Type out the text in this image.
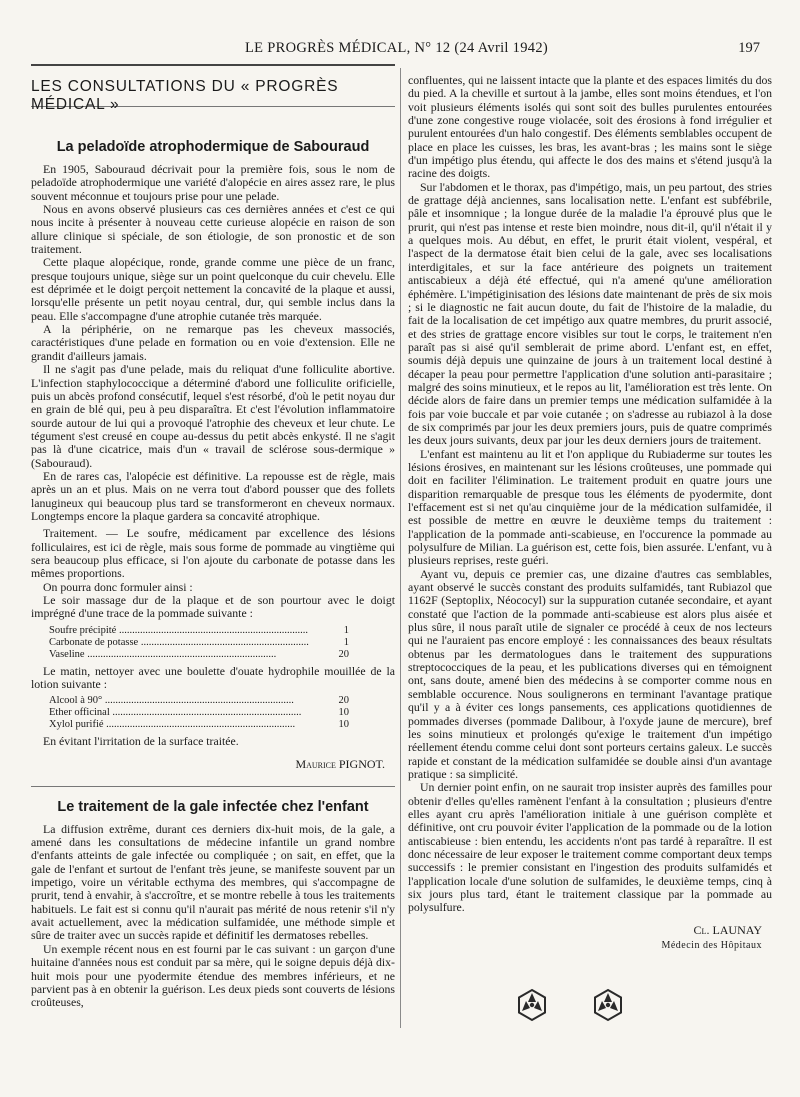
LE PROGRÈS MÉDICAL, N° 12 (24 Avril 1942)	197
LES CONSULTATIONS DU « PROGRÈS MÉDICAL »
La peladoïde atrophodermique de Sabouraud

En 1905, Sabouraud décrivait pour la première fois, sous le nom de peladoïde atrophodermique une variété d'alopécie en aires assez rare, le plus souvent méconnue et toujours prise pour une pelade.

Nous en avons observé plusieurs cas ces dernières années et c'est ce qui nous incite à présenter à nouveau cette curieuse alopécie en raison de son allure clinique si spéciale, de son étiologie, de son pronostic et de son traitement.

Cette plaque alopécique, ronde, grande comme une pièce de un franc, presque toujours unique, siège sur un point quelconque du cuir chevelu. Elle est déprimée et le doigt perçoit nettement la concavité de la plaque et aussi, lorsqu'elle présente un petit noyau central, dur, qui semble inclus dans la peau. Elle s'accompagne d'une atrophie cutanée très marquée.

A la périphérie, on ne remarque pas les cheveux massociés, caractéristiques d'une pelade en formation ou en voie d'extension. Elle ne grandit d'ailleurs jamais.

Il ne s'agit pas d'une pelade, mais du reliquat d'une folliculite abortive. L'infection staphylococcique a déterminé d'abord une folliculite orificielle, puis un abcès profond consécutif, lequel s'est résorbé, d'où le petit noyau dur en grain de blé qui, peu à peu disparaîtra. Et c'est l'évolution inflammatoire sourde autour de lui qui a provoqué l'atrophie des cheveux et leur chute. Le tégument s'est creusé en coupe au-dessus du petit abcès enkysté. Il ne s'agit pas là d'une cicatrice, mais d'un « travail de sclérose sous-dermique » (Sabouraud).

En de rares cas, l'alopécie est définitive. La repousse est de règle, mais après un an et plus. Mais on ne verra tout d'abord pousser que des follets lanugineux qui beaucoup plus tard se transformeront en cheveux normaux. Longtemps encore la plaque gardera sa concavité atrophique.

Traitement. — Le soufre, médicament par excellence des lésions folliculaires, est ici de règle, mais sous forme de pommade au vingtième qui sera beaucoup plus efficace, si l'on ajoute du carbonate de potasse dans les mêmes proportions.

On pourra donc formuler ainsi :

Le soir massage dur de la plaque et de son pourtour avec le doigt imprégné d'une trace de la pommade suivante :

Soufre précipité .....	1
Carbonate de potasse .....	1
Vaseline .....	20

Le matin, nettoyer avec une boulette d'ouate hydrophile mouillée de la lotion suivante :

Alcool à 90° .....	20
Ether officinal .....	10
Xylol purifié .....	10

En évitant l'irritation de la surface traitée.

Maurice PIGNOT.
Le traitement de la gale infectée chez l'enfant

La diffusion extrême, durant ces derniers dix-huit mois, de la gale, a amené dans les consultations de médecine infantile un grand nombre d'enfants atteints de gale infectée ou compliquée ; on sait, en effet, que la gale de l'enfant et surtout de l'enfant très jeune, se manifeste souvent par un impetigo, voire un véritable ecthyma des membres, qui s'accompagne de prurit, tend à envahir, à s'accroître, et se montre rebelle à tous les traitements habituels. Le fait est si connu qu'il n'aurait pas mérité de nous retenir s'il n'y avait actuellement, avec la médication sulfamidée, une méthode simple et sûre de traiter avec un succès rapide et définitif les dermatoses rebelles.

Un exemple récent nous en est fourni par le cas suivant : un garçon d'une huitaine d'années nous est conduit par sa mère, qui le soigne depuis déjà dix-huit mois pour une pyodermite étendue des membres inférieurs, et ne parvient pas à en obtenir la guérison. Les deux pieds sont couverts de lésions croûteuses,

confluentes, qui ne laissent intacte que la plante et des espaces limités du dos du pied. A la cheville et surtout à la jambe, elles sont moins étendues, et l'on voit plusieurs éléments isolés qui sont soit des bulles purulentes entourées d'une zone congestive rouge violacée, soit des érosions à fond irrégulier et purulent entourées d'un halo congestif. Des éléments semblables occupent de place en place les cuisses, les bras, les avant-bras ; les mains sont le siège d'un impétigo plus étendu, qui affecte le dos des mains et s'étend jusqu'à la racine des doigts.

Sur l'abdomen et le thorax, pas d'impétigo, mais, un peu partout, des stries de grattage déjà anciennes, sans localisation nette. L'enfant est subfébrile, pâle et insomnique ; la longue durée de la maladie l'a éprouvé plus que le prurit, qui n'est pas intense et reste bien moindre, nous dit-il, qu'il n'était il y a quelques mois. Au début, en effet, le prurit était violent, vespéral, et l'aspect de la dermatose était bien celui de la gale, avec ses localisations interdigitales, et sur la face antérieure des poignets un traitement antiscabieux a déjà été effectué, qui n'a amené qu'une amélioration éphémère. L'impétiginisation des lésions date maintenant de près de six mois ; si le diagnostic ne fait aucun doute, du fait de l'histoire de la maladie, du fait de la localisation de cet impétigo aux quatre membres, du prurit associé, et des stries de grattage encore visibles sur tout le corps, le traitement n'en paraît pas si aisé qu'il semblerait de prime abord. L'enfant est, en effet, soumis déjà depuis une quinzaine de jours à un traitement local destiné à décaper la peau pour permettre l'application d'une solution anti-parasitaire ; malgré des soins minutieux, et le repos au lit, l'amélioration est très lente. On décide alors de faire dans un premier temps une médication sulfamidée à la fois par voie buccale et par voie cutanée ; on s'adresse au rubiazol à la dose de six comprimés par jour les deux premiers jours, puis de quatre comprimés les deux jours suivants, deux par jour les deux derniers jours de traitement.

L'enfant est maintenu au lit et l'on applique du Rubiaderme sur toutes les lésions érosives, en maintenant sur les lésions croûteuses, une pommade qui doit en faciliter l'élimination. Le traitement produit en quatre jours une disparition remarquable de presque tous les éléments de pyodermite, dont l'effacement est si net qu'au cinquième jour de la médication sulfamidée, il est possible de mettre en œuvre le deuxième temps du traitement : l'application de la pommade anti-scabieuse, en l'occurence la pommade au polysulfure de Milian. La guérison est, cette fois, bien assurée. L'enfant, vu à plusieurs reprises, reste guéri.

Ayant vu, depuis ce premier cas, une dizaine d'autres cas semblables, ayant observé le succès constant des produits sulfamidés, tant Rubiazol que 1162F (Septoplix, Néococyl) sur la suppuration cutanée secondaire, et ayant constaté que l'action de la pommade anti-scabieuse est alors plus aisée et plus sûre, il nous paraît utile de signaler ce procédé à ceux de nos lecteurs qui ne l'auraient pas encore employé : les connaissances des beaux résultats obtenus par les dermatologues dans le traitement des suppurations streptococciques de la peau, et les publications diverses qui en témoignent ont, sans doute, amené bien des médecins à se comporter comme nous en semblable occurence. Nous soulignerons en terminant l'avantage pratique qu'il y a à éviter ces longs pansements, ces applications quotidiennes de pommades diverses (pommade Dalibour, à l'oxyde jaune de mercure), bref les soins minutieux et prolongés qu'exige le traitement d'un impétigo réellement étendu comme celui dont sont porteurs certains galeux. Le succès rapide et constant de la médication sulfamidée se double ainsi d'un avantage pratique : sa simplicité.

Un dernier point enfin, on ne saurait trop insister auprès des familles pour obtenir d'elles qu'elles ramènent l'enfant à la consultation ; plusieurs d'entre elles ayant cru après l'amélioration initiale à une guérison complète et définitive, ont cru pouvoir éviter l'application de la pommade ou de la lotion antiscabieuse : bien entendu, les accidents n'ont pas tardé à reparaître. Il est donc nécessaire de leur exposer le traitement comme comportant deux temps successifs : le premier consistant en l'ingestion des produits sulfamidés et l'application locale d'une solution de sulfamides, le deuxième temps, cinq à six jours plus tard, étant le traitement classique par la pommade au polysulfure.

Cl. LAUNAY
Médecin des Hôpitaux
